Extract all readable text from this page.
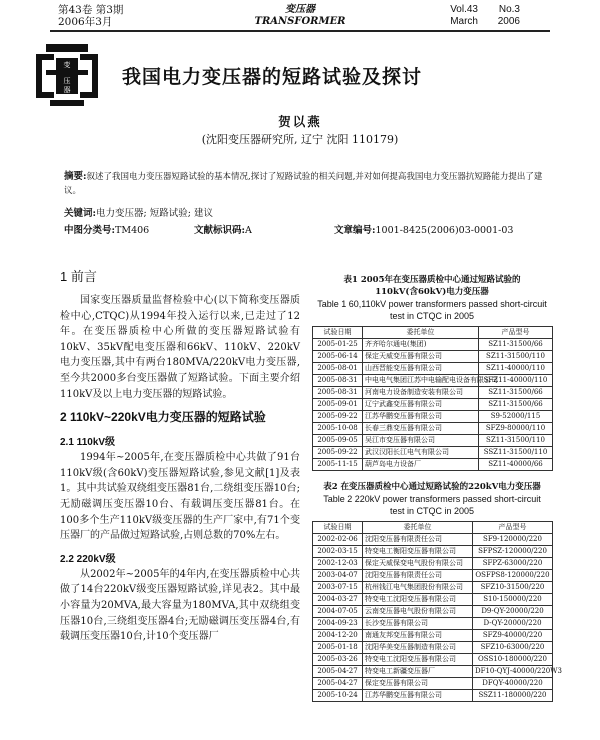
第43卷 第3期
2006年3月
变压器
TRANSFORMER
Vol.43 No.3
March 2006
变
压
器
我国电力变压器的短路试验及探讨
贺以燕
(沈阳变压器研究所, 辽宁 沈阳 110179)
摘要:叙述了我国电力变压器短路试验的基本情况,探讨了短路试验的相关问题,并对如何提高我国电力变压器抗短路能力提出了建议。
关键词:电力变压器; 短路试验; 建议
中图分类号:TM406	文献标识码:A	文章编号:1001-8425(2006)03-0001-03
1 前言
国家变压器质量监督检验中心(以下简称变压器质检中心,CTQC)从1994年投入运行以来,已走过了12年。在变压器质检中心所做的变压器短路试验有10kV、35kV配电变压器和66kV、110kV、220kV电力变压器,其中有两台180MVA/220kV电力变压器,至今共2000多台变压器做了短路试验。下面主要介绍110kV及以上电力变压器的短路试验。
2 110kV~220kV电力变压器的短路试验
2.1 110kV级
1994年~2005年,在变压器质检中心共做了91台110kV级(含60kV)变压器短路试验,参见文献[1]及表1。其中共试验双绕组变压器81台,二绕组变压器10台;无励磁调压变压器10台、有载调压变压器81台。在100多个生产110kV级变压器的生产厂家中,有71个变压器厂的产品做过短路试验,占则总数的70%左右。
2.2 220kV级
从2002年~2005年的4年内,在变压器质检中心共做了14台220kV级变压器短路试验,详见表2。其中最小容量为20MVA,最大容量为180MVA,其中双绕组变压器10台,三绕组变压器4台;无励磁调压变压器4台,有载调压变压器10台,计10个变压器厂
表1 2005年在变压器质检中心通过短路试验的
110kV(含60kV)电力变压器
Table 1 60,110kV power transformers passed short-circuit
test in CTQC in 2005
试验日期	委托单位	产品型号
2005-01-25	齐齐哈尔通电(集团)	SZ11-31500/66
2005-06-14	保定天威变压器有限公司	SZ11-31500/110
2005-08-01	山西晋能变压器有限公司	SZ11-40000/110
2005-08-31	中电电气集团江苏中电输配电设备有限公司	SFZ11-40000/110
2005-08-31	河南电力设备制造安装有限公司	SZ11-31500/66
2005-09-01	辽宁武鑫变压器有限公司	SZ11-31500/66
2005-09-22	江苏华鹏变压器有限公司	S9-52000/115
2005-10-08	长春三鼎变压器有限公司	SFZ9-80000/110
2005-09-05	吴江市变压器有限公司	SZ11-31500/110
2005-09-22	武汉汉阳长江电气有限公司	SSZ11-31500/110
2005-11-15	葫芦岛电力设备厂	SZ11-40000/66
表2 在变压器质检中心通过短路试验的220kV电力变压器
Table 2 220kV power transformers passed short-circuit
test in CTQC in 2005
试验日期	委托单位	产品型号
2002-02-06	沈阳变压器有限责任公司	SF9-120000/220
2002-03-15	特变电工衡阳变压器有限公司	SFPSZ-120000/220
2002-12-03	保定天威保变电气股份有限公司	SFPZ-63000/220
2003-04-07	沈阳变压器有限责任公司	OSFPS8-120000/220
2003-07-15	杭州钱江电气集团股份有限公司	SFZ10-31500/220
2004-03-27	特变电工沈阳变压器有限公司	S10-150000/220
2004-07-05	云南变压器电气股份有限公司	D9-QY-20000/220
2004-09-23	长沙变压器有限公司	D-QY-20000/220
2004-12-20	南通友邦变压器有限公司	SFZ9-40000/220
2005-01-18	沈阳华美变压器制造有限公司	SFZ10-63000/220
2005-03-26	特变电工沈阳变压器有限公司	OSS10-180000/220
2005-04-27	特变电工新疆变压器厂	DF10-QYJ-40000/220W3
2005-04-27	保定变压器有限公司	DFQY-40000/220
2005-10-24	江苏华鹏变压器有限公司	SSZ11-180000/220
